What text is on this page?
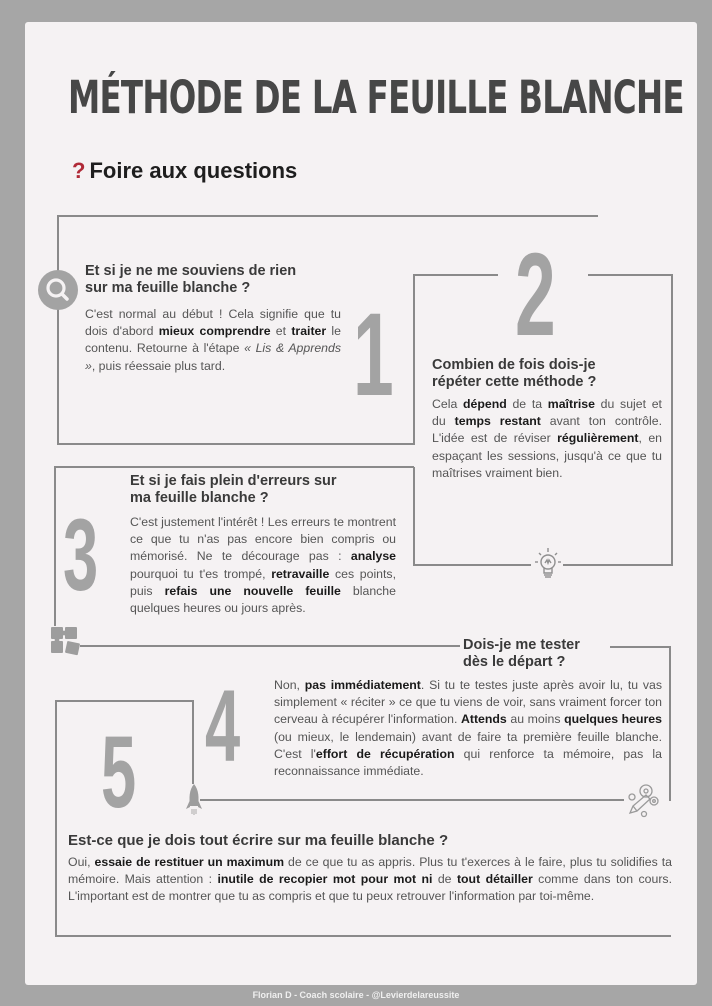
MÉTHODE DE LA FEUILLE BLANCHE
? Foire aux questions
1
Et si je ne me souviens de rien
sur ma feuille blanche ?
C'est normal au début ! Cela signifie que tu dois d'abord mieux comprendre et traiter le contenu. Retourne à l'étape « Lis & Apprends », puis réessaie plus tard.
2
Combien de fois dois-je
répéter cette méthode ?
Cela dépend de ta maîtrise du sujet et du temps restant avant ton contrôle. L'idée est de réviser régulièrement, en espaçant les sessions, jusqu'à ce que tu maîtrises vraiment bien.
3
Et si je fais plein d'erreurs sur
ma feuille blanche ?
C'est justement l'intérêt ! Les erreurs te montrent ce que tu n'as pas encore bien compris ou mémorisé. Ne te décourage pas : analyse pourquoi tu t'es trompé, retravaille ces points, puis refais une nouvelle feuille blanche quelques heures ou jours après.
4
Dois-je me tester
dès le départ ?
Non, pas immédiatement. Si tu te testes juste après avoir lu, tu vas simplement « réciter » ce que tu viens de voir, sans vraiment forcer ton cerveau à récupérer l'information. Attends au moins quelques heures (ou mieux, le lendemain) avant de faire ta première feuille blanche. C'est l'effort de récupération qui renforce ta mémoire, pas la reconnaissance immédiate.
5
Est-ce que je dois tout écrire sur ma feuille blanche ?
Oui, essaie de restituer un maximum de ce que tu as appris. Plus tu t'exerces à le faire, plus tu solidifies ta mémoire. Mais attention : inutile de recopier mot pour mot ni de tout détailler comme dans ton cours. L'important est de montrer que tu as compris et que tu peux retrouver l'information par toi-même.
Florian D - Coach scolaire - @Levierdelareussite
